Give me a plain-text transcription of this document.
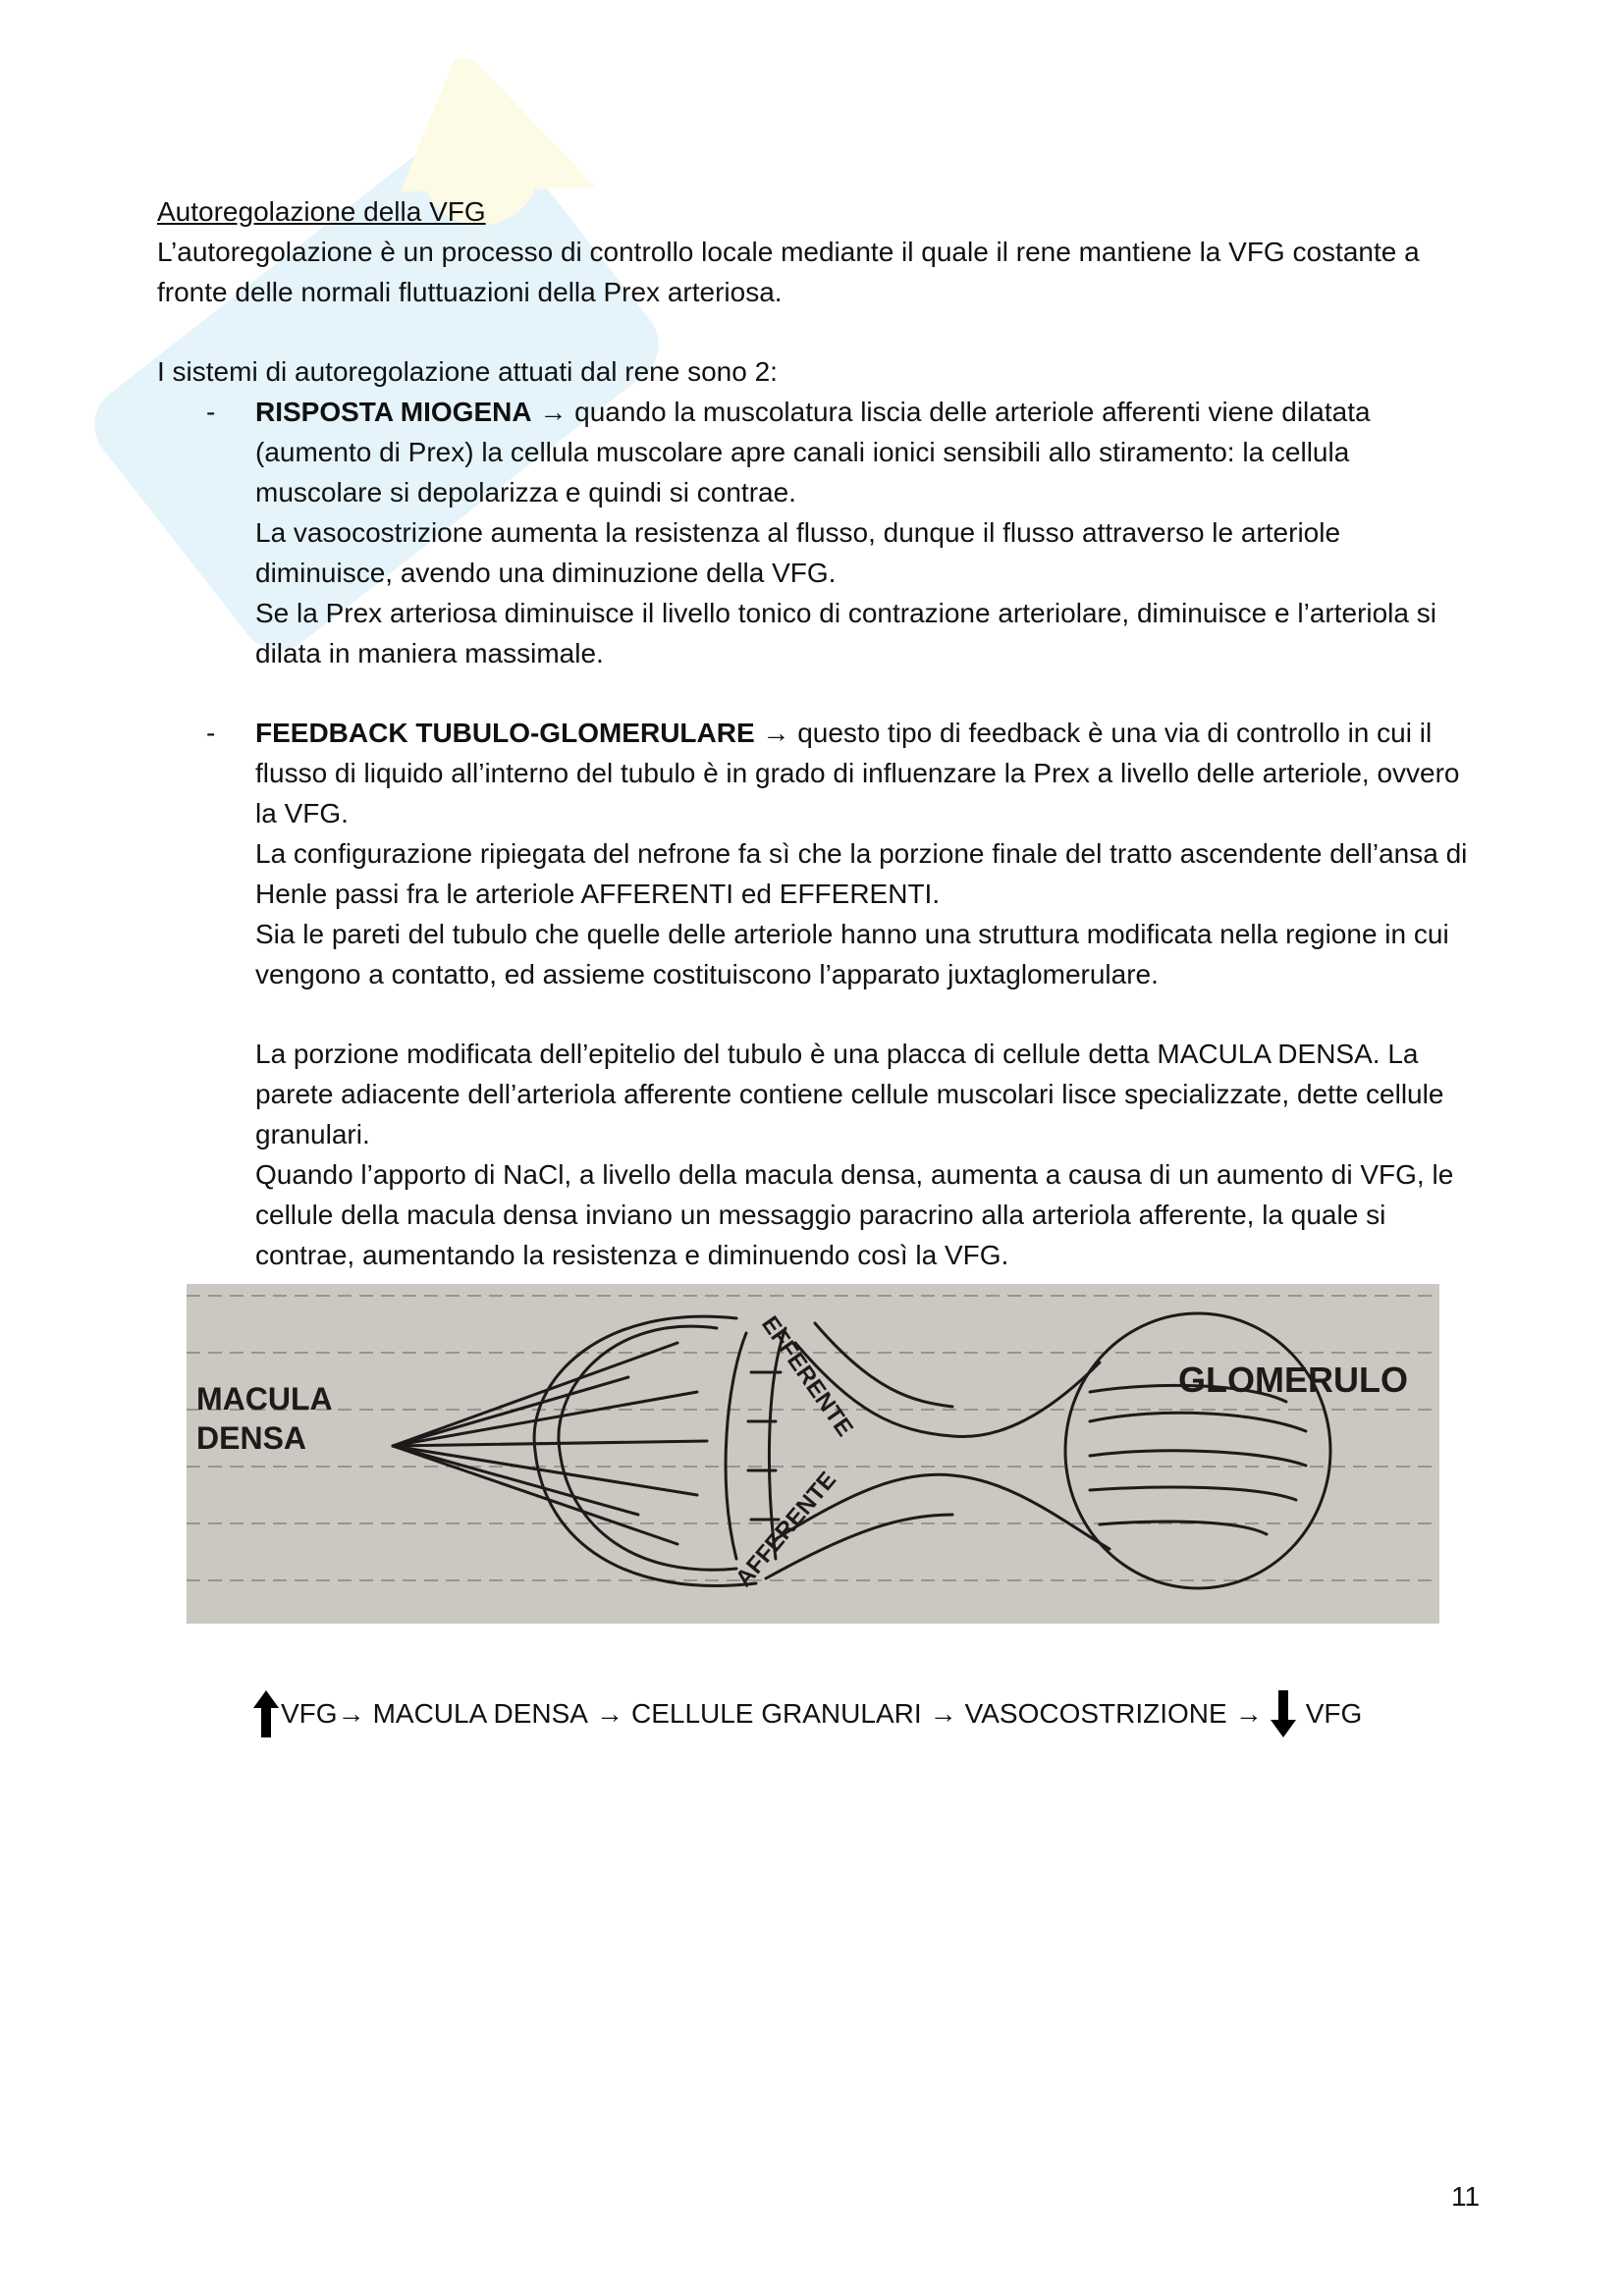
Autoregolazione della VFG

L’autoregolazione è un processo di controllo locale mediante il quale il rene mantiene la VFG costante a fronte delle normali fluttuazioni della Prex arteriosa.

I sistemi di autoregolazione attuati dal rene sono 2:

- RISPOSTA MIOGENA → quando la muscolatura liscia delle arteriole afferenti viene dilatata (aumento di Prex) la cellula muscolare apre canali ionici sensibili allo stiramento: la cellula muscolare si depolarizza e quindi si contrae.

La vasocostrizione aumenta la resistenza al flusso, dunque il flusso attraverso le arteriole diminuisce, avendo una diminuzione della VFG.

Se la Prex arteriosa diminuisce il livello tonico di contrazione arteriolare, diminuisce e l’arteriola si dilata in maniera massimale.

- FEEDBACK TUBULO-GLOMERULARE → questo tipo di feedback è una via di controllo in cui il flusso di liquido all’interno del tubulo è in grado di influenzare la Prex a livello delle arteriole, ovvero la VFG.

La configurazione ripiegata del nefrone fa sì che la porzione finale del tratto ascendente dell’ansa di Henle passi fra le arteriole AFFERENTI ed EFFERENTI.

Sia le pareti del tubulo che quelle delle arteriole hanno una struttura modificata nella regione in cui vengono a contatto, ed assieme costituiscono l’apparato juxtaglomerulare.

La porzione modificata dell’epitelio del tubulo è una placca di cellule detta MACULA DENSA. La parete adiacente dell’arteriola afferente contiene cellule muscolari lisce specializzate, dette cellule granulari.

Quando l’apporto di NaCl, a livello della macula densa, aumenta a causa di un aumento di VFG, le cellule della macula densa inviano un messaggio paracrino alla arteriola afferente, la quale si contrae, aumentando la resistenza e diminuendo così la VFG.

MACULA
DENSA
GLOMERULO
EFFERENTE
AFFERENTE
VFG → MACULA DENSA → CELLULE GRANULARI → VASOCOSTRIZIONE → VFG
11
